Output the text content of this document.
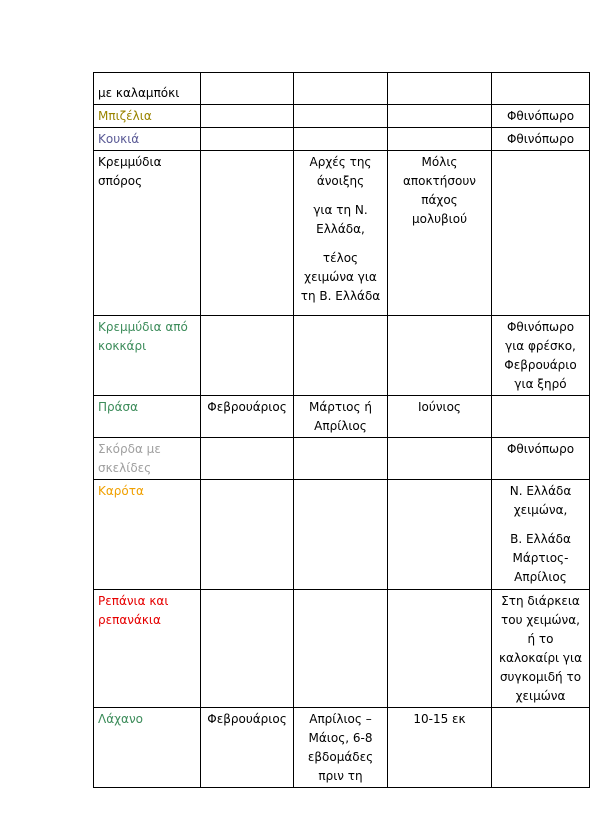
με καλαμπόκι				
Μπιζέλια				Φθινόπωρο

Κουκιά				Φθινόπωρο

Κρεμμύδια σπόρος		Αρχές της άνοιξης

για τη Ν. Ελλάδα,

τέλος χειμώνα για τη Β. Ελλάδα	Μόλις αποκτήσουν πάχος μολυβιού	

Κρεμμύδια από κοκκάρι				Φθινόπωρο για φρέσκο, Φεβρουάριο για ξηρό

Πράσα	Φεβρουάριος	Μάρτιος ή Απρίλιος	Ιούνιος	

Σκόρδα με σκελίδες				Φθινόπωρο

Καρότα				Ν. Ελλάδα χειμώνα,

Β. Ελλάδα Μάρτιος-Απρίλιος

Ρεπάνια και ρεπανάκια				Στη διάρκεια του χειμώνα, ή το καλοκαίρι για συγκομιδή το χειμώνα

Λάχανο	Φεβρουάριος	Απρίλιος – Μάιος, 6-8 εβδομάδες πριν τη	10-15 εκ	
